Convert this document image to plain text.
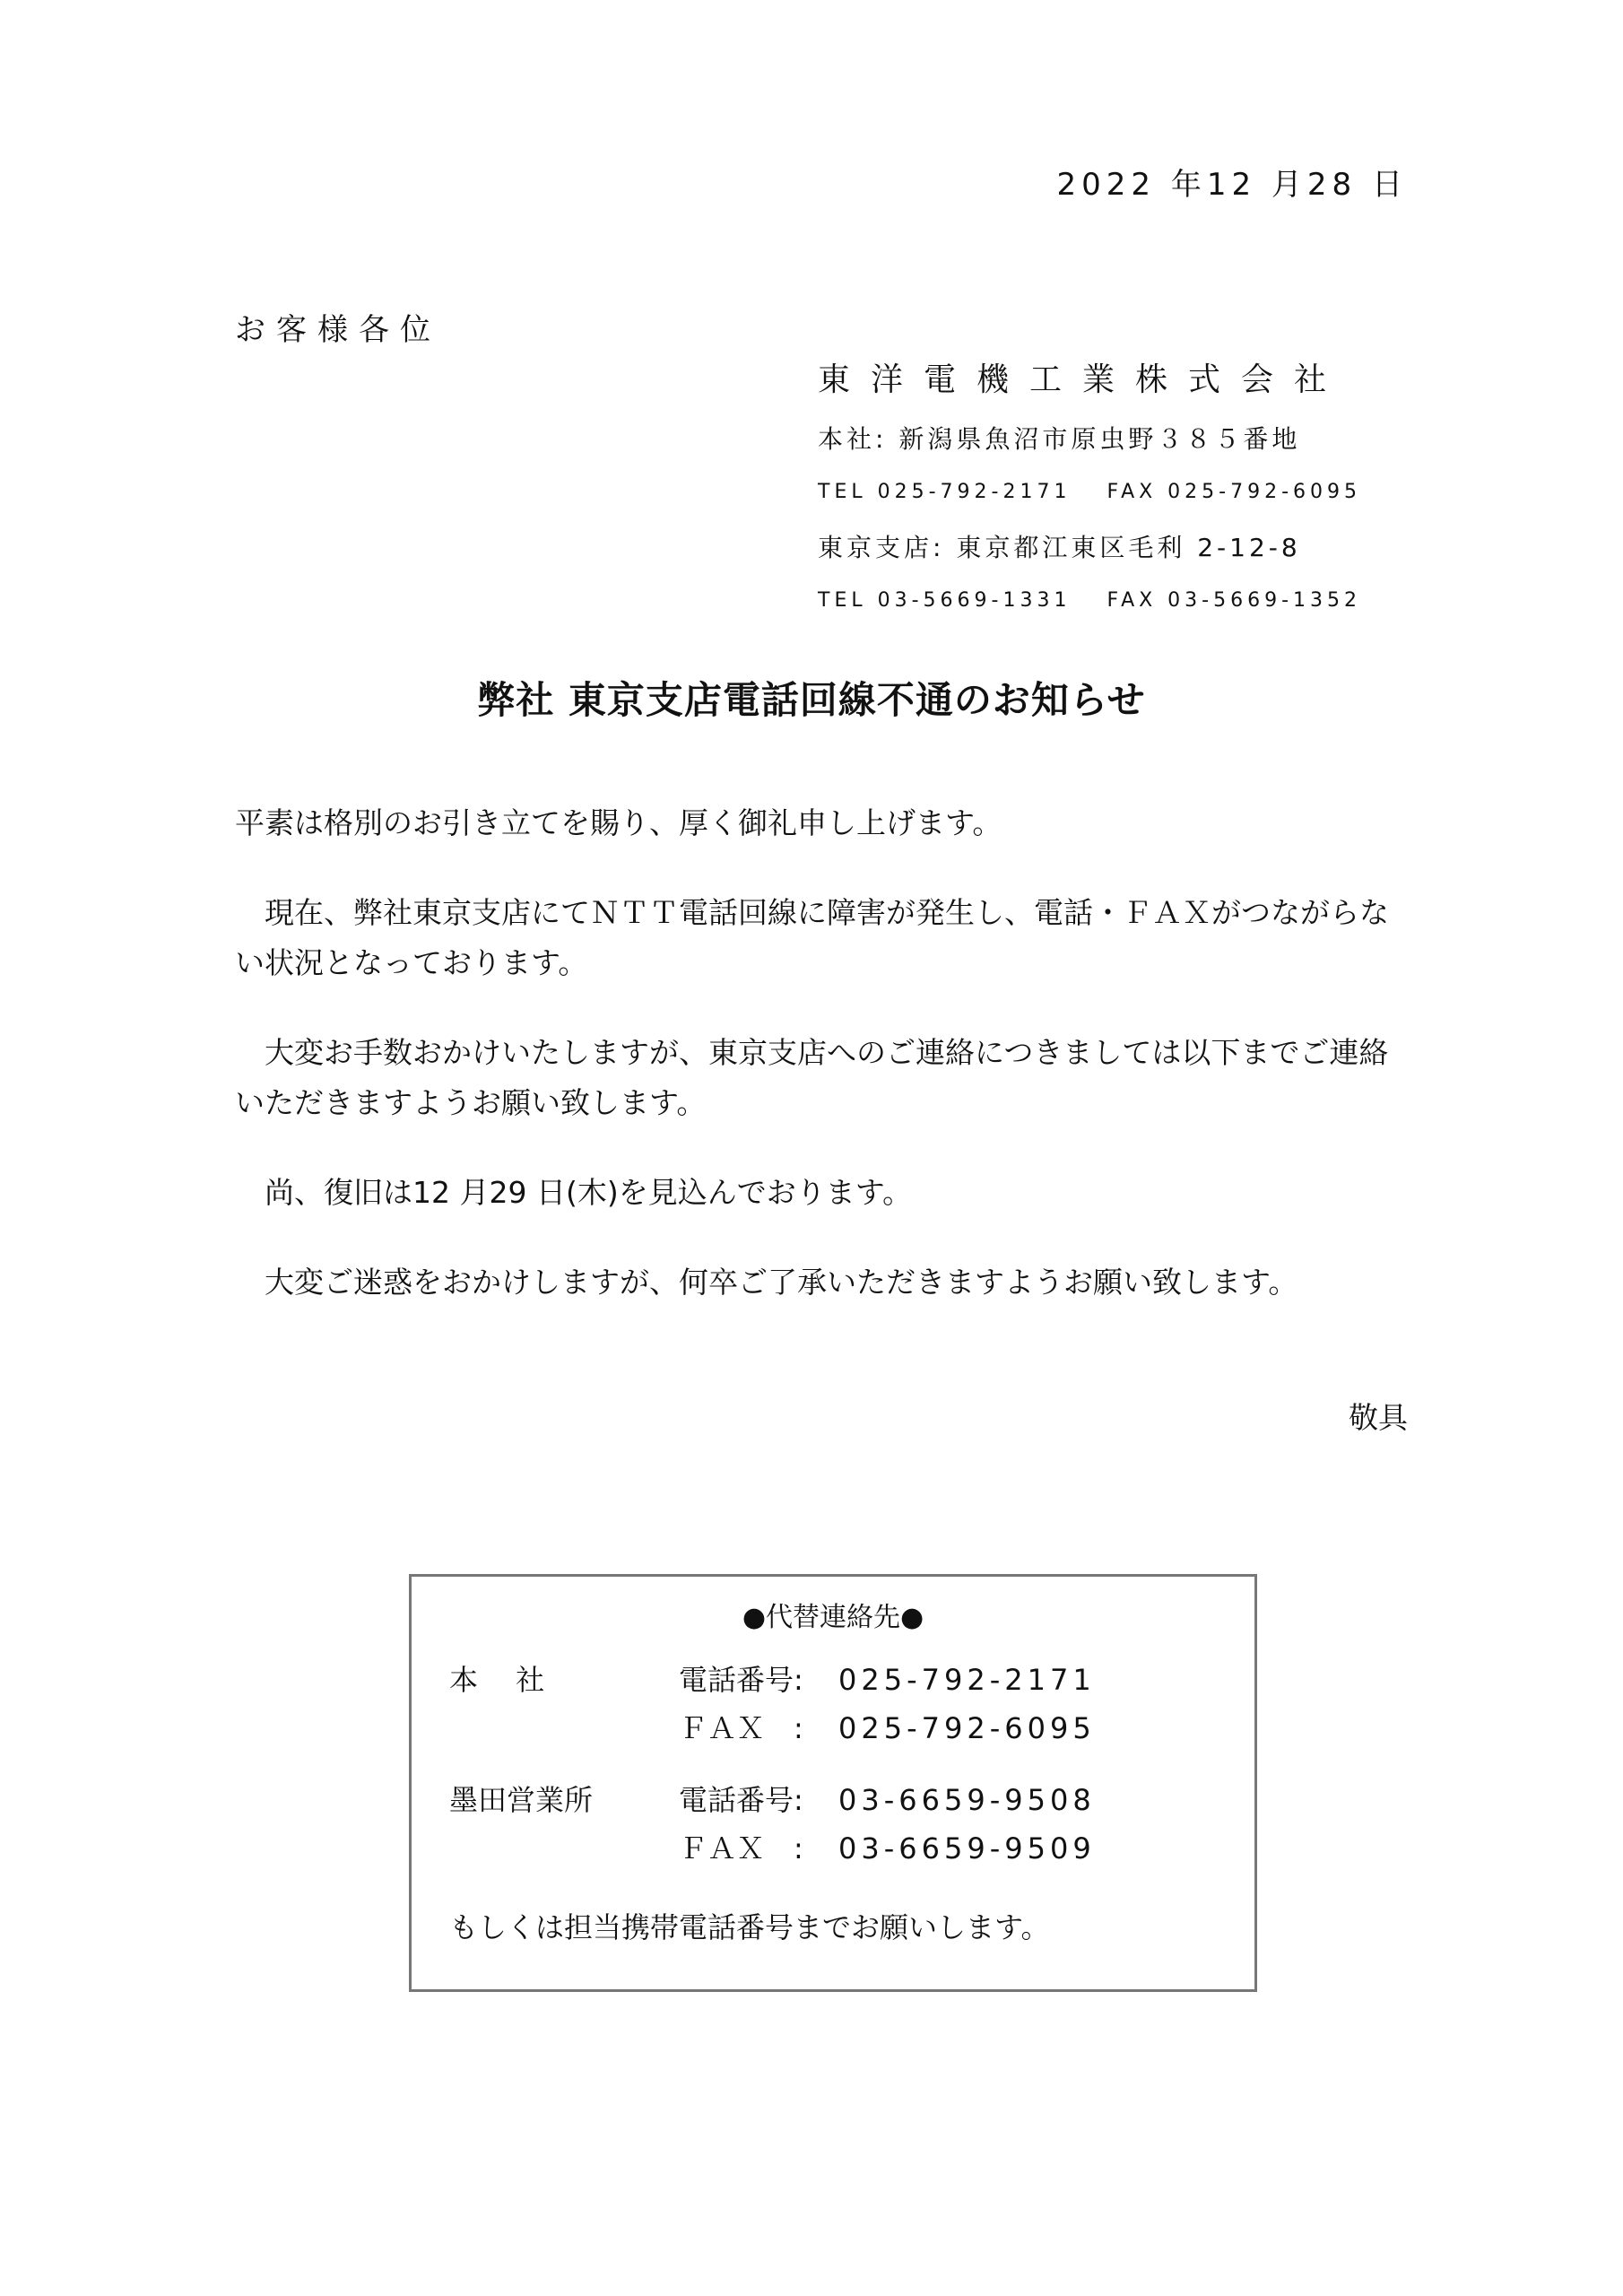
2022 年12 月28 日
お客様各位
東洋電機工業株式会社
本社: 新潟県魚沼市原虫野３８５番地
TEL 025-792-2171 FAX 025-792-6095
東京支店: 東京都江東区毛利 2-12-8
TEL 03-5669-1331 FAX 03-5669-1352
弊社 東京支店電話回線不通のお知らせ

平素は格別のお引き立てを賜り、厚く御礼申し上げます。

現在、弊社東京支店にてＮＴＴ電話回線に障害が発生し、電話・ＦＡＸがつながらない状況となっております。

大変お手数おかけいたしますが、東京支店へのご連絡につきましては以下までご連絡いただきますようお願い致します。

尚、復旧は12 月29 日(木)を見込んでおります。

大変ご迷惑をおかけしますが、何卒ご了承いただきますようお願い致します。

敬具
●代替連絡先●
本　 社	電話番号: 025-792-2171
ＦＡＸ　: 025-792-6095
墨田営業所	電話番号: 03-6659-9508
ＦＡＸ　: 03-6659-9509
もしくは担当携帯電話番号までお願いします。
